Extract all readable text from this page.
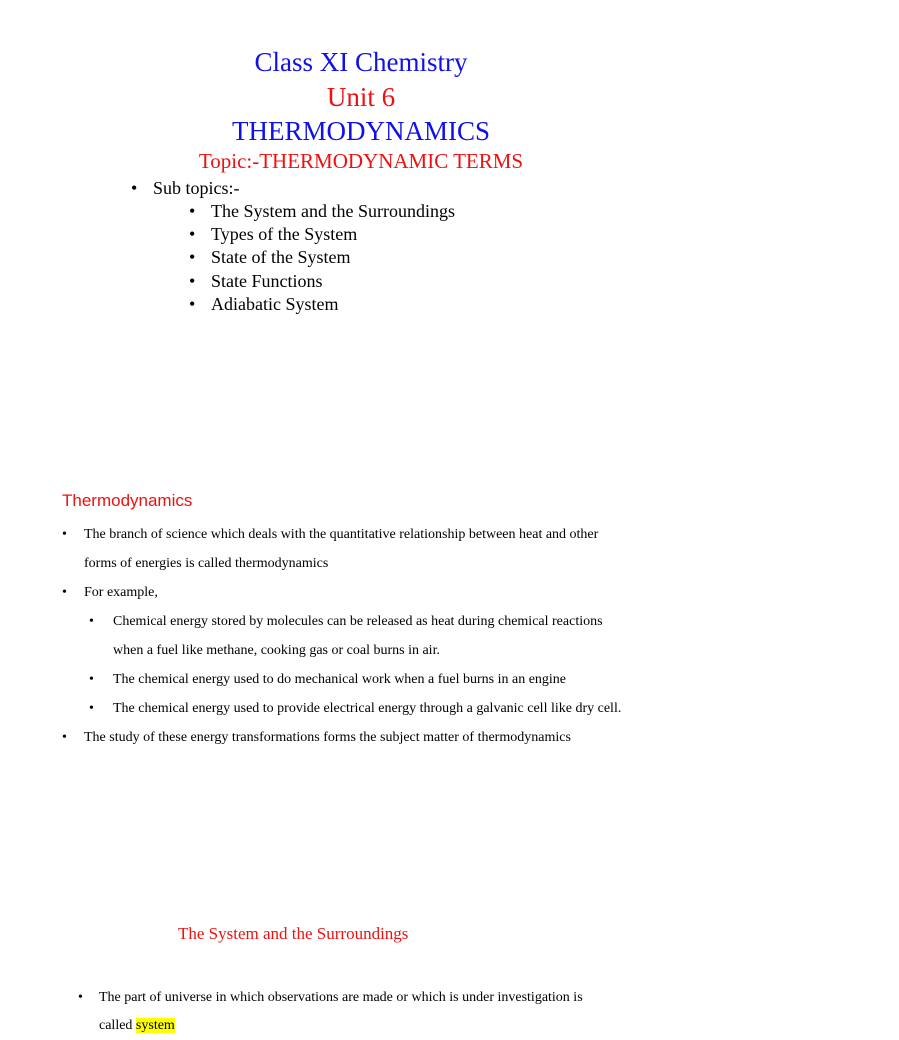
Class XI Chemistry
Unit 6
THERMODYNAMICS
Topic:-THERMODYNAMIC TERMS
• Sub topics:-
• The System and the Surroundings
• Types of the System
• State of the System
• State Functions
• Adiabatic System
Thermodynamics
• The branch of science which deals with the quantitative relationship between heat and other
forms of energies is called thermodynamics
• For example,
• Chemical energy stored by molecules can be released as heat during chemical reactions
when a fuel like methane, cooking gas or coal burns in air.
• The chemical energy used to do mechanical work when a fuel burns in an engine
• The chemical energy used to provide electrical energy through a galvanic cell like dry cell.
• The study of these energy transformations forms the subject matter of thermodynamics
The System and the Surroundings
• The part of universe in which observations are made or which is under investigation is
called system
